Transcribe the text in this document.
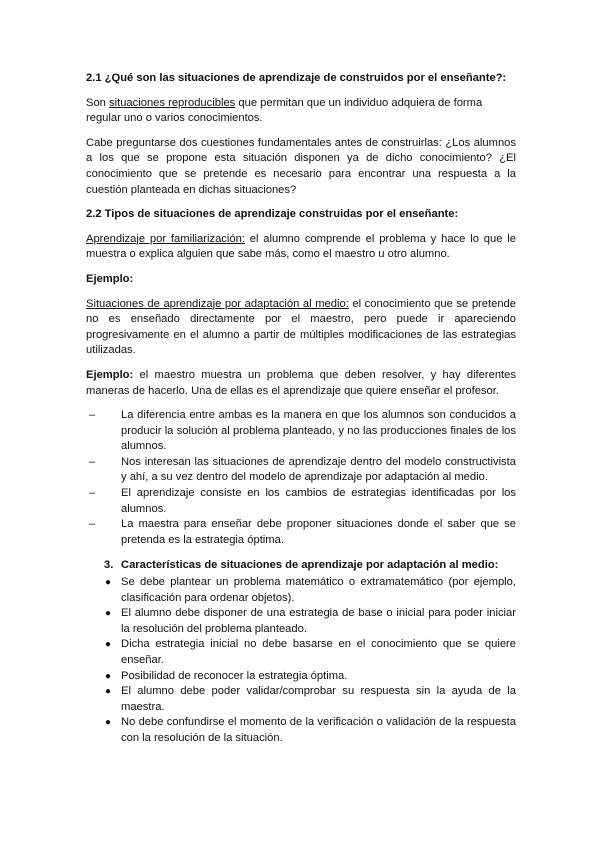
2.1 ¿Qué son las situaciones de aprendizaje de construidos por el enseñante?:

Son situaciones reproducibles que permitan que un individuo adquiera de forma regular uno o varios conocimientos.

Cabe preguntarse dos cuestiones fundamentales antes de construirlas: ¿Los alumnos a los que se propone esta situación disponen ya de dicho conocimiento? ¿El conocimiento que se pretende es necesario para encontrar una respuesta a la cuestión planteada en dichas situaciones?

2.2 Tipos de situaciones de aprendizaje construidas por el enseñante:

Aprendizaje por familiarización: el alumno comprende el problema y hace lo que le muestra o explica alguien que sabe más, como el maestro u otro alumno.

Ejemplo:

Situaciones de aprendizaje por adaptación al medio: el conocimiento que se pretende no es enseñado directamente por el maestro, pero puede ir apareciendo progresivamente en el alumno a partir de múltiples modificaciones de las estrategias utilizadas.

Ejemplo: el maestro muestra un problema que deben resolver, y hay diferentes maneras de hacerlo. Una de ellas es el aprendizaje que quiere enseñar el profesor.

– La diferencia entre ambas es la manera en que los alumnos son conducidos a producir la solución al problema planteado, y no las producciones finales de los alumnos.
– Nos interesan las situaciones de aprendizaje dentro del modelo constructivista y ahí, a su vez dentro del modelo de aprendizaje por adaptación al medio.
– El aprendizaje consiste en los cambios de estrategias identificadas por los alumnos.
– La maestra para enseñar debe proponer situaciones donde el saber que se pretenda es la estrategia óptima.

3. Características de situaciones de aprendizaje por adaptación al medio:

● Se debe plantear un problema matemático o extramatemático (por ejemplo, clasificación para ordenar objetos).
● El alumno debe disponer de una estrategia de base o inicial para poder iniciar la resolución del problema planteado.
● Dicha estrategia inicial no debe basarse en el conocimiento que se quiere enseñar.
● Posibilidad de reconocer la estrategia óptima.
● El alumno debe poder validar/comprobar su respuesta sin la ayuda de la maestra.
● No debe confundirse el momento de la verificación o validación de la respuesta con la resolución de la situación.
